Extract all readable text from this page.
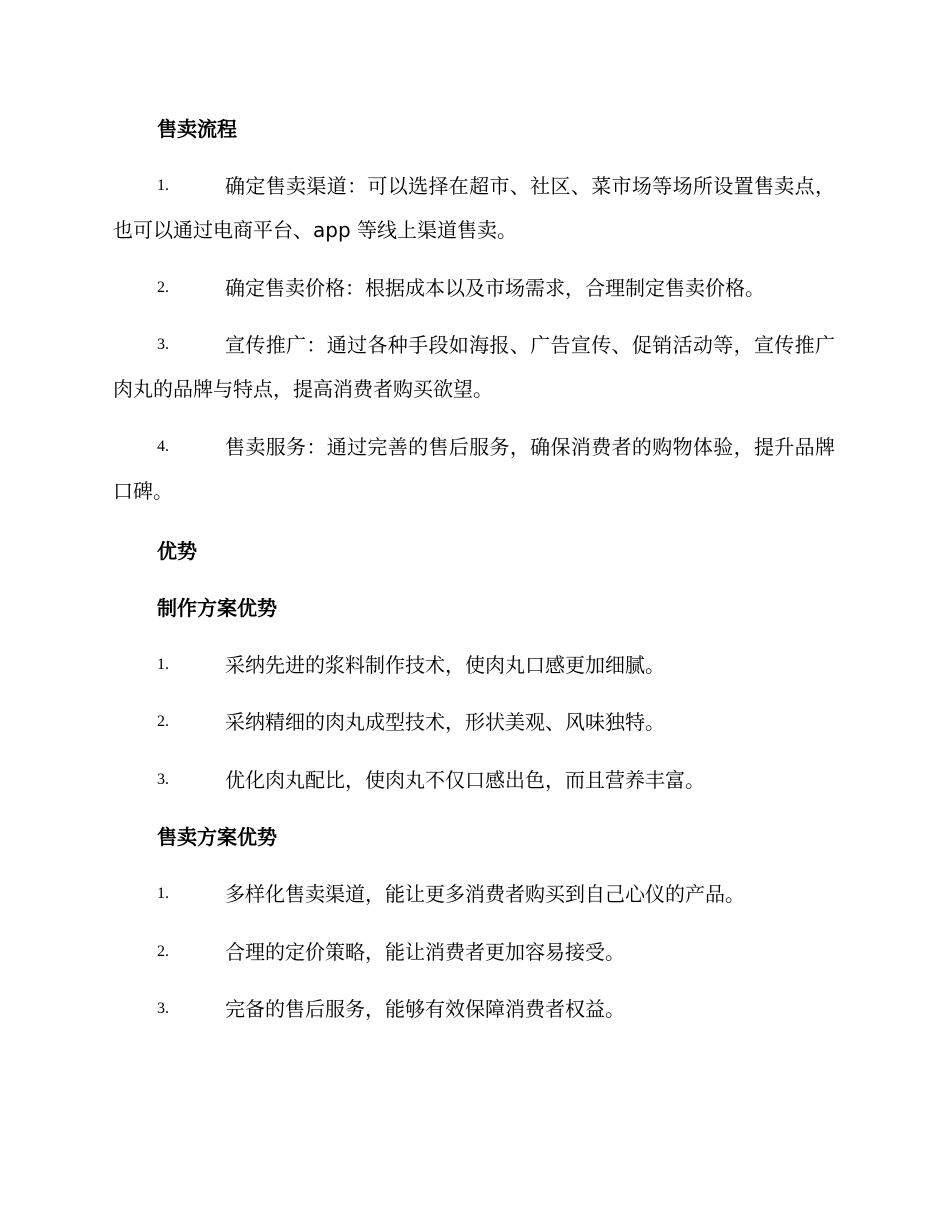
售卖流程
1.	确定售卖渠道：可以选择在超市、社区、菜市场等场所设置售卖点，也可以通过电商平台、app 等线上渠道售卖。
2.	确定售卖价格：根据成本以及市场需求，合理制定售卖价格。
3.	宣传推广：通过各种手段如海报、广告宣传、促销活动等，宣传推广肉丸的品牌与特点，提高消费者购买欲望。
4.	售卖服务：通过完善的售后服务，确保消费者的购物体验，提升品牌口碑。
优势
制作方案优势
1.	采纳先进的浆料制作技术，使肉丸口感更加细腻。
2.	采纳精细的肉丸成型技术，形状美观、风味独特。
3.	优化肉丸配比，使肉丸不仅口感出色，而且营养丰富。
售卖方案优势
1.	多样化售卖渠道，能让更多消费者购买到自己心仪的产品。
2.	合理的定价策略，能让消费者更加容易接受。
3.	完备的售后服务，能够有效保障消费者权益。
